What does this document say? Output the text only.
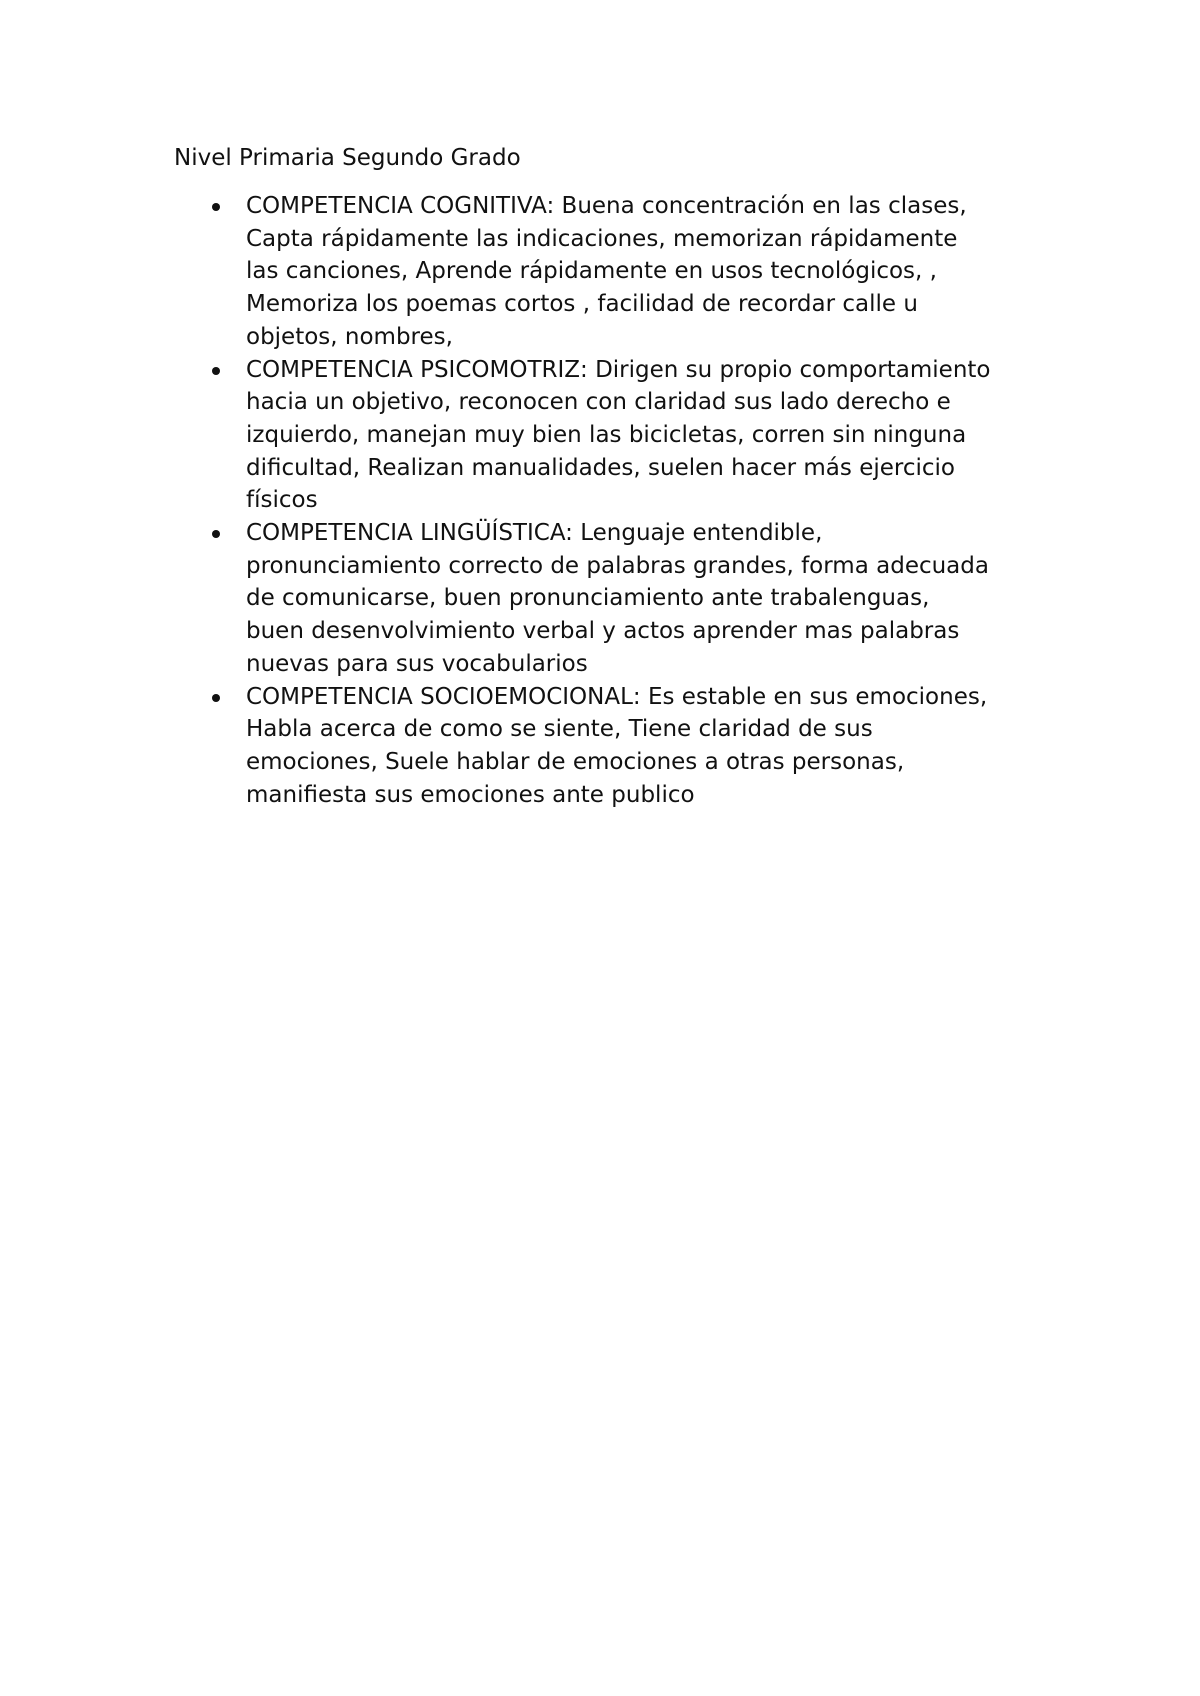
Nivel Primaria Segundo Grado
COMPETENCIA COGNITIVA: Buena concentración en las clases,
Capta rápidamente las indicaciones, memorizan rápidamente
las canciones, Aprende rápidamente en usos tecnológicos, ,
Memoriza los poemas cortos , facilidad de recordar calle u
objetos, nombres,
COMPETENCIA PSICOMOTRIZ: Dirigen su propio comportamiento
hacia un objetivo, reconocen con claridad sus lado derecho e
izquierdo, manejan muy bien las bicicletas, corren sin ninguna
dificultad, Realizan manualidades, suelen hacer más ejercicio
físicos
COMPETENCIA LINGÜÍSTICA: Lenguaje entendible,
pronunciamiento correcto de palabras grandes, forma adecuada
de comunicarse, buen pronunciamiento ante trabalenguas,
buen desenvolvimiento verbal y actos aprender mas palabras
nuevas para sus vocabularios
COMPETENCIA SOCIOEMOCIONAL: Es estable en sus emociones,
Habla acerca de como se siente, Tiene claridad de sus
emociones, Suele hablar de emociones a otras personas,
manifiesta sus emociones ante publico
